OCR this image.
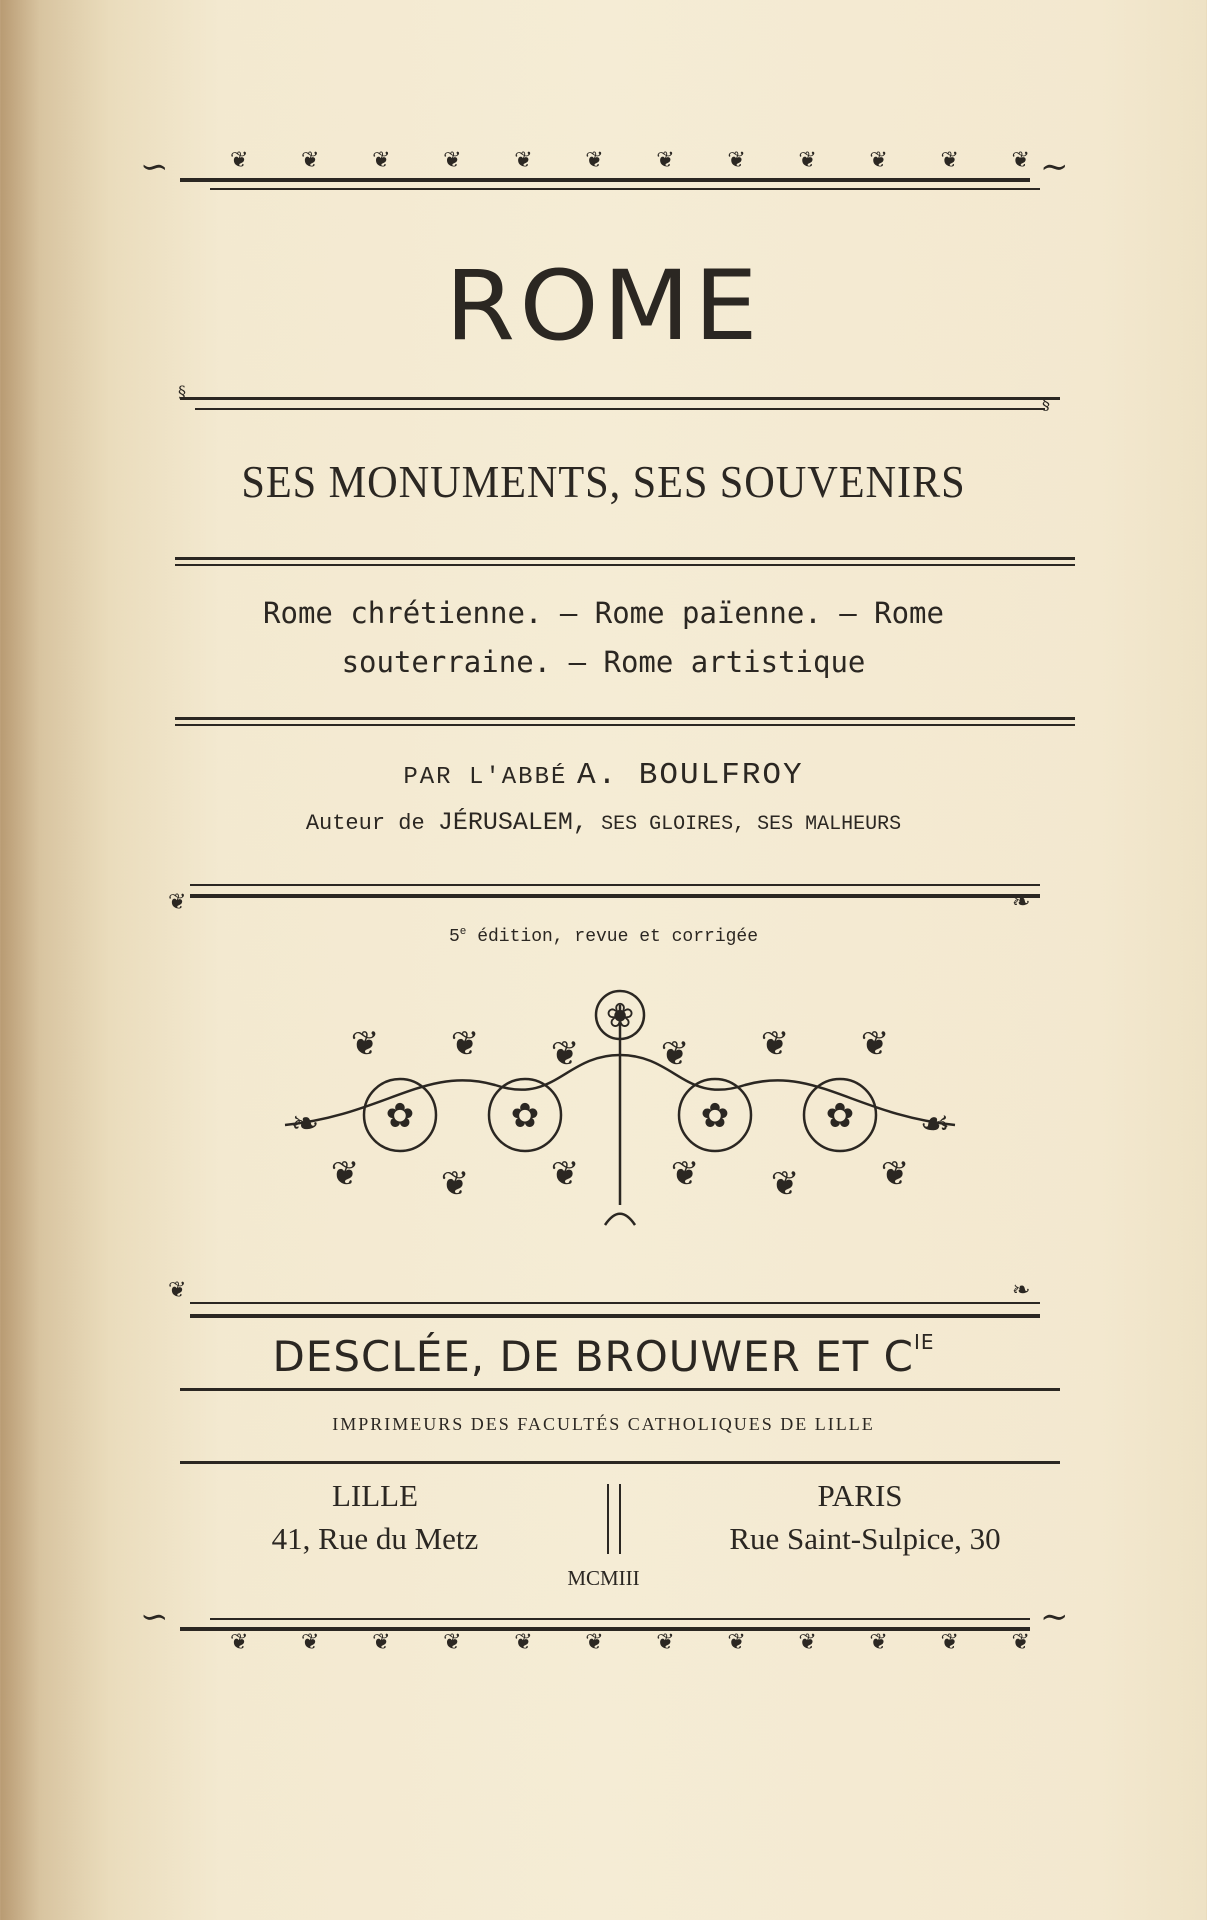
∽	∼
❦ ❦ ❦ ❦ ❦ ❦ ❦ ❦ ❦ ❦ ❦ ❦
ROME
§
§
SES MONUMENTS, SES SOUVENIRS
Rome chrétienne. — Rome païenne. — Rome
souterraine. — Rome artistique
PAR L'ABBÉ A. BOULFROY
Auteur de JÉRUSALEM, SES GLOIRES, SES MALHEURS
❦	❧
5e édition, revue et corrigée
✿	✿	✿	✿
❀
❧	☙
❦ ❦ ❦ ❦ ❦ ❦
❦ ❦ ❦	❦ ❦ ❦
❦	❧
DESCLÉE, DE BROUWER ET $C^{IE}$
IMPRIMEURS DES FACULTÉS CATHOLIQUES DE LILLE
LILLE
41, Rue du Metz
PARIS
Rue Saint-Sulpice, 30
MCMIII
∽	∼
❦ ❦ ❦ ❦ ❦ ❦ ❦ ❦ ❦ ❦ ❦ ❦
